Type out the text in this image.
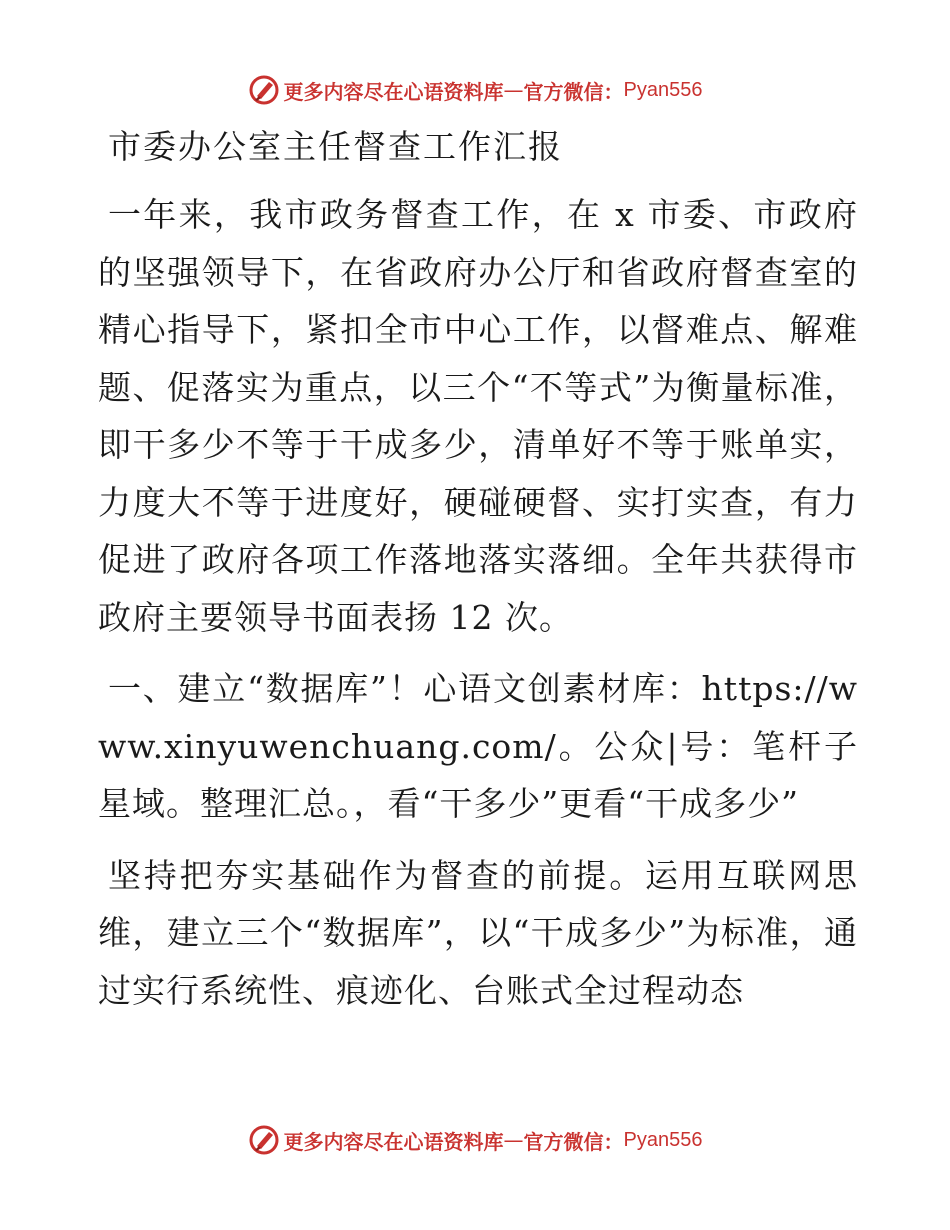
更多内容尽在心语资料库 — 官方微信： Pyan556
市委办公室主任督查工作汇报

一年来，我市政务督查工作，在 x 市委、市政府的坚强领导下，在省政府办公厅和省政府督查室的精心指导下，紧扣全市中心工作，以督难点、解难题、促落实为重点，以三个“不等式”为衡量标准，即干多少不等于干成多少，清单好不等于账单实，力度大不等于进度好，硬碰硬督、实打实查，有力促进了政府各项工作落地落实落细。全年共获得市政府主要领导书面表扬 12 次。

一、建立“数据库”！心语文创素材库：https://www.xinyuwenchuang.com/。公众|号：笔杆子星域。整理汇总。，看“干多少”更看“干成多少”

坚持把夯实基础作为督查的前提。运用互联网思维，建立三个“数据库”，以“干成多少”为标准，通过实行系统性、痕迹化、台账式全过程动态

更多内容尽在心语资料库 — 官方微信： Pyan556
